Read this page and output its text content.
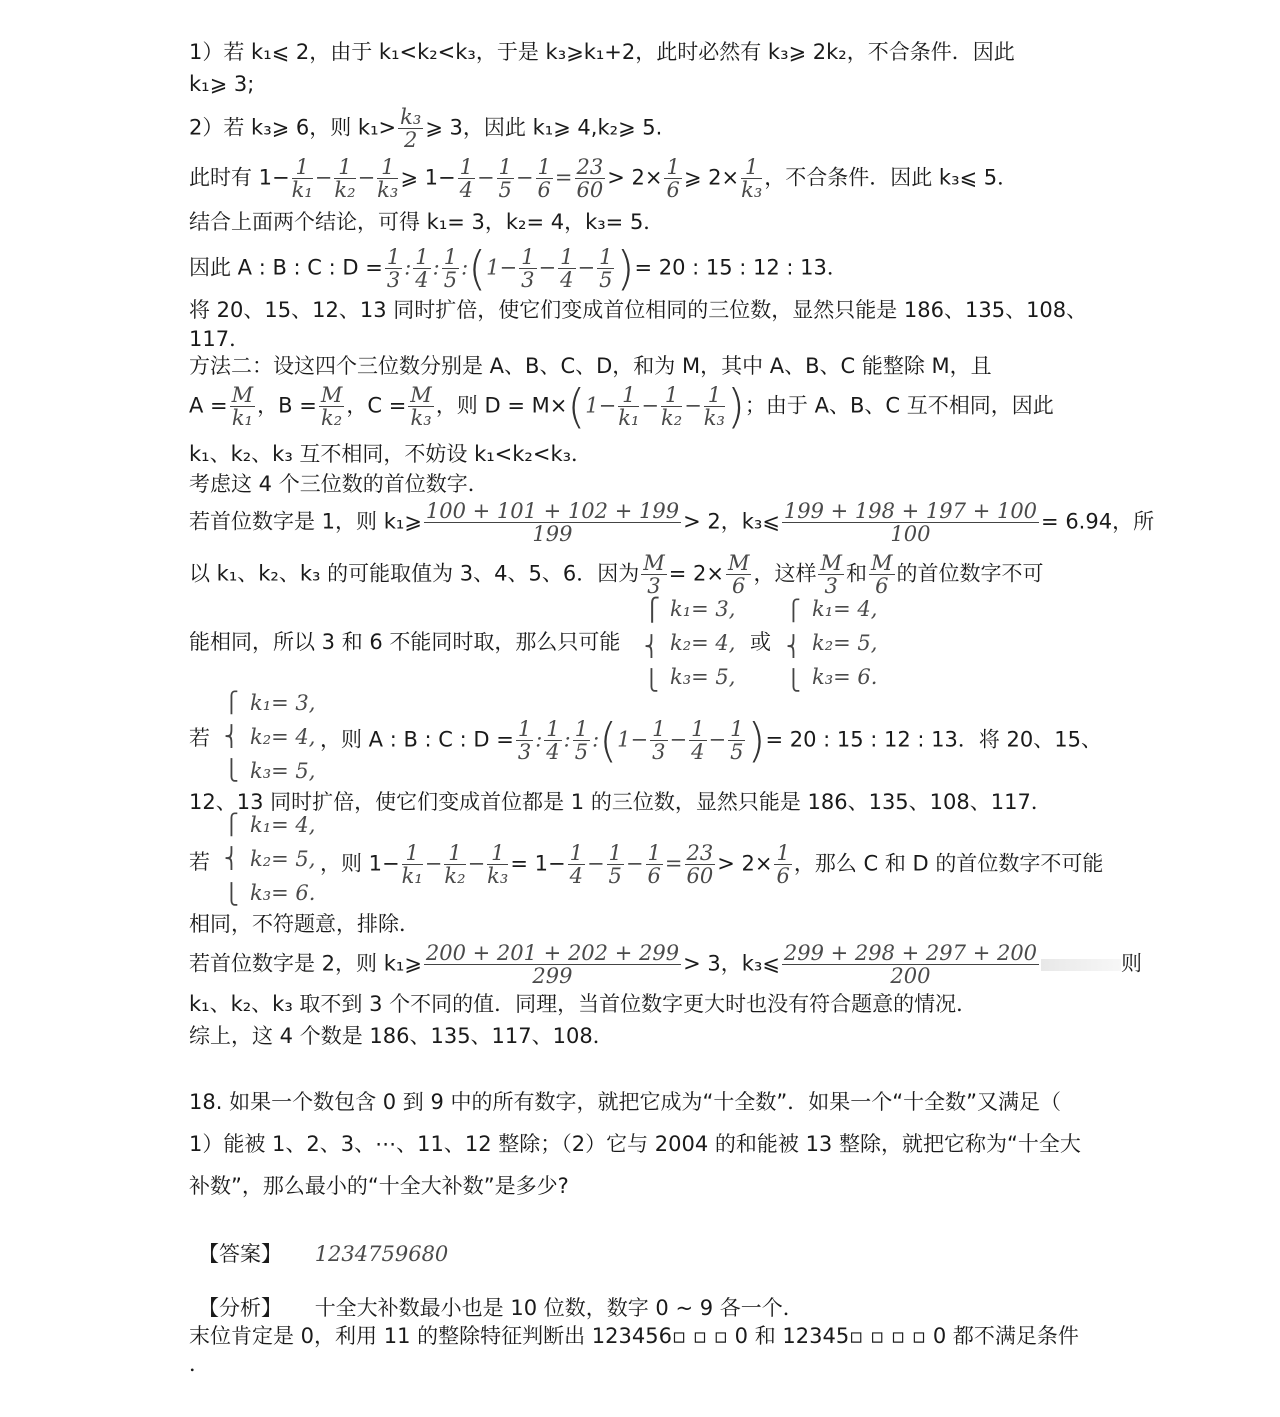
1）若 k₁⩽ 2，由于 k₁<k₂<k₃，于是 k₃⩾k₁+2，此时必然有 k₃⩾ 2k₂，不合条件．因此
k₁⩾ 3;
2）若 k₃⩾ 6，则 $k_1> \frac{\text{k₃}}{2}$ ⩾ 3，因此 k₁⩾ 4,k₂⩾ 5.
此时有 $1- \frac{1}{\text{k₁}} - \frac{1}{\text{k₂}} - \frac{1}{\text{k₃}}$ ⩾ $1- \frac{1}{4} - \frac{1}{5} - \frac{1}{6} = \frac{23}{60} > 2\times \frac{1}{6}$ ⩾ $2\times \frac{1}{\text{k₃}}$ ，不合条件．因此 k₃⩽ 5．
结合上面两个结论，可得 k₁= 3，k₂= 4，k₃= 5．
因此 A : B : C : $D = \frac{1}{3}$ : $\frac{1}{4}$ : $\frac{1}{5}$ :(1− $\frac{1}{3} - \frac{1}{4} - \frac{1}{5}$ )= 20 : 15 : 12 : 13．
将 20、15、12、13 同时扩倍，使它们变成首位相同的三位数，显然只能是 186、135、108、
117．
方法二：设这四个三位数分别是 A、B、C、D，和为 M，其中 A、B、C 能整除 M，且
$A = \frac{M}{\text{k₁}}$ ，$B = \frac{M}{\text{k₂}}$ ，$C = \frac{M}{\text{k₃}}$ ，则 $D = M\times(1- \frac{1}{\text{k₁}} - \frac{1}{\text{k₂}} - \frac{1}{\text{k₃}}$ )；由于 A、B、C 互不相同，因此
k₁、k₂、k₃ 互不相同，不妨设 k₁<k₂<k₃．
考虑这 4 个三位数的首位数字．
若首位数字是 1，则 k₁⩾ $\frac{100 + 101 + 102 + 199}{199} > 2$，k₃⩽ $\frac{199 + 198 + 197 + 100}{100} = 6.94$，所
以 k₁、k₂、k₃ 的可能取值为 3、4、5、6．因为 $\frac{M}{3} = 2\times \frac{M}{6}$ ，这样 $\frac{M}{3}$ 和 $\frac{M}{6}$ 的首位数字不可
能相同，所以 3 和 6 不能同时取，那么只可能
⎧
⎨
⎩
k₁= 3,
k₂= 4,
k₃= 5,
或
⎧
⎨
⎩
k₁= 4,
k₂= 5,
k₃= 6.
⎧
⎨
⎩
k₁= 3,
k₂= 4,
k₃= 5,
若	，则 A : B : C : $D = \frac{1}{3}$ : $\frac{1}{4}$ : $\frac{1}{5}$ :(1− $\frac{1}{3} - \frac{1}{4} - \frac{1}{5}$ )= 20 : 15 : 12 : 13．将 20、15、
12、13 同时扩倍，使它们变成首位都是 1 的三位数，显然只能是 186、135、108、117．
⎧
⎨
⎩
k₁= 4,
k₂= 5,
k₃= 6.
若	，则 $1- \frac{1}{\text{k₁}} - \frac{1}{\text{k₂}} - \frac{1}{\text{k₃}} = 1- \frac{1}{4} - \frac{1}{5} - \frac{1}{6} = \frac{23}{60} > 2\times \frac{1}{6}$ ，那么 C 和 D 的首位数字不可能
相同，不符题意，排除．
若首位数字是 2，则 k₁⩾ $\frac{200 + 201 + 202 + 299}{299} > 3$，k₃⩽ $\frac{299 + 298 + 297 + 200}{200}$	则
k₁、k₂、k₃ 取不到 3 个不同的值．同理，当首位数字更大时也没有符合题意的情况．
综上，这 4 个数是 186、135、117、108．
18. 如果一个数包含 0 到 9 中的所有数字，就把它成为“十全数”．如果一个“十全数”又满足（
1）能被 1、2、3、⋯、11、12 整除；（2）它与 2004 的和能被 13 整除，就把它称为“十全大
补数”，那么最小的“十全大补数”是多少?
【答案】 1234759680
【分析】 十全大补数最小也是 10 位数，数字 0 ~ 9 各一个．
末位肯定是 0，利用 11 的整除特征判断出 123456▫ ▫ ▫ 0 和 12345▫ ▫ ▫ ▫ 0 都不满足条件
．
